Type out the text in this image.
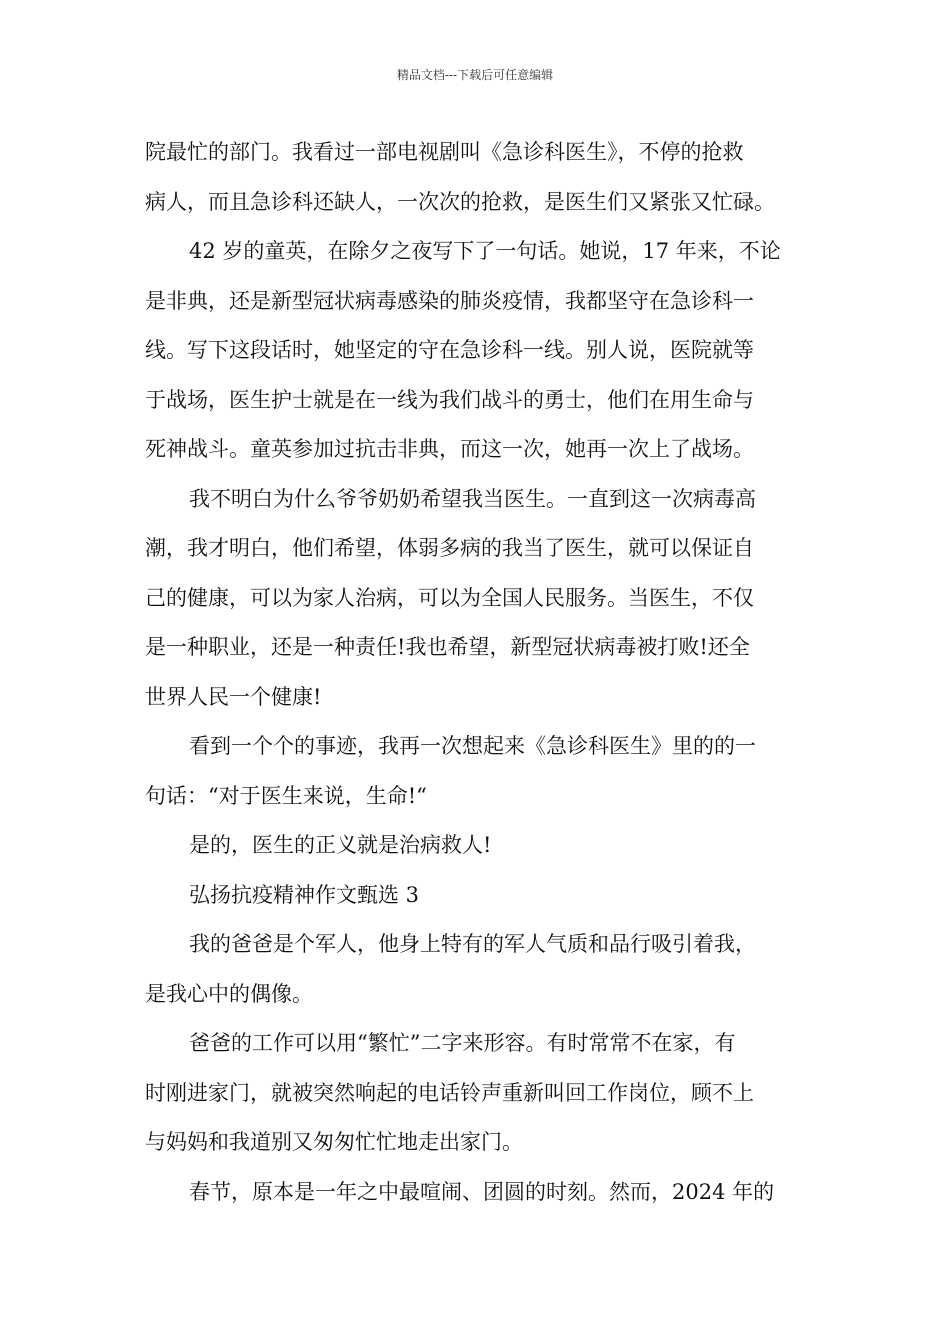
精品文档---下载后可任意编辑
院最忙的部门。我看过一部电视剧叫《急诊科医生》，不停的抢救
病人，而且急诊科还缺人，一次次的抢救，是医生们又紧张又忙碌。
42 岁的童英，在除夕之夜写下了一句话。她说，17 年来，不论
是非典，还是新型冠状病毒感染的肺炎疫情，我都坚守在急诊科一
线。写下这段话时，她坚定的守在急诊科一线。别人说，医院就等
于战场，医生护士就是在一线为我们战斗的勇士，他们在用生命与
死神战斗。童英参加过抗击非典，而这一次，她再一次上了战场。
我不明白为什么爷爷奶奶希望我当医生。一直到这一次病毒高
潮，我才明白，他们希望，体弱多病的我当了医生，就可以保证自
己的健康，可以为家人治病，可以为全国人民服务。当医生，不仅
是一种职业，还是一种责任!我也希望，新型冠状病毒被打败!还全
世界人民一个健康!
看到一个个的事迹，我再一次想起来《急诊科医生》里的的一
句话：“对于医生来说，生命!“
是的，医生的正义就是治病救人!
弘扬抗疫精神作文甄选 3
我的爸爸是个军人，他身上特有的军人气质和品行吸引着我，
是我心中的偶像。
爸爸的工作可以用“繁忙”二字来形容。有时常常不在家，有
时刚进家门，就被突然响起的电话铃声重新叫回工作岗位，顾不上
与妈妈和我道别又匆匆忙忙地走出家门。
春节，原本是一年之中最喧闹、团圆的时刻。然而，2024 年的
